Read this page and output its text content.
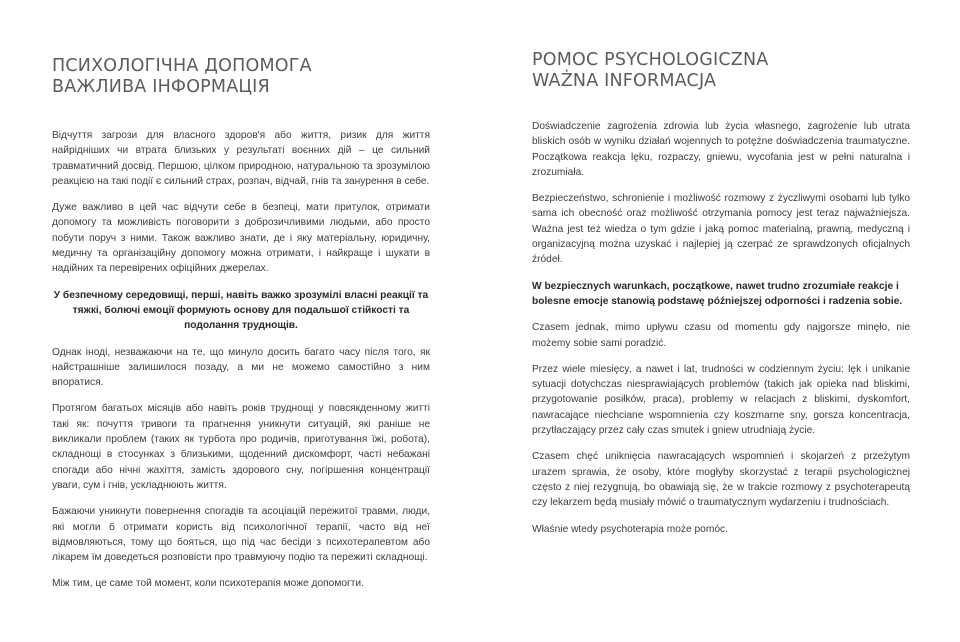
ПСИХОЛОГІЧНА ДОПОМОГА
ВАЖЛИВА ІНФОРМАЦІЯ

Відчуття загрози для власного здоров'я або життя, ризик для життя найрідніших чи втрата близьких у результаті воєнних дій – це сильний травматичний досвід. Першою, цілком природною, натуральною та зрозумілою реакцією на такі події є сильний страх, розпач, відчай, гнів та занурення в себе.

Дуже важливо в цей час відчути себе в безпеці, мати притулок, отримати допомогу та можливість поговорити з доброзичливими людьми, або просто побути поруч з ними. Також важливо знати, де і яку матеріальну, юридичну, медичну та організаційну допомогу можна отримати, і найкраще і шукати в надійних та перевірених офіційних джерелах.

У безпечному середовищі, перші, навіть важко зрозумілі власні реакції та тяжкі, болючі емоції формують основу для подальшої стійкості та подолання труднощів.

Однак іноді, незважаючи на те, що минуло досить багато часу після того, як найстрашніше залишилося позаду, а ми не можемо самостійно з ним впоратися.

Протягом багатьох місяців або навіть років труднощі у повсякденному житті такі як: почуття тривоги та прагнення уникнути ситуацій, які раніше не викликали проблем (таких як турбота про родичів, приготування їжі, робота), складнощі в стосунках з близькими, щоденний дискомфорт, часті небажані спогади або нічні жахіття, замість здорового сну, погіршення концентрації уваги, сум і гнів, ускладнюють життя.

Бажаючи уникнути повернення спогадів та асоціацій пережитої травми, люди, які могли б отримати користь від психологічної терапії, часто від неї відмовляються, тому що бояться, що під час бесіди з психотерапевтом або лікарем їм доведеться розповісти про травмуючу подію та пережиті складнощі.

Між тим, це саме той момент, коли психотерапія може допомогти.

POMOC PSYCHOLOGICZNA
WAŻNA INFORMACJA

Doświadczenie zagrożenia zdrowia lub życia własnego, zagrożenie lub utrata bliskich osób w wyniku działań wojennych to potężne doświadczenia traumatyczne. Początkowa reakcja lęku, rozpaczy, gniewu, wycofania jest w pełni naturalna i zrozumiała.

Bezpieczeństwo, schronienie i możliwość rozmowy z życzliwymi osobami lub tylko sama ich obecność oraz możliwość otrzymania pomocy jest teraz najważniejsza. Ważna jest też wiedza o tym gdzie i jaką pomoc materialną, prawną, medyczną i organizacyjną można uzyskać i najlepiej ją czerpać ze sprawdzonych oficjalnych źródeł.

W bezpiecznych warunkach, początkowe, nawet trudno zrozumiałe reakcje i bolesne emocje stanowią podstawę późniejszej odporności i radzenia sobie.

Czasem jednak, mimo upływu czasu od momentu gdy najgorsze minęło, nie możemy sobie sami poradzić.

Przez wiele miesięcy, a nawet i lat, trudności w codziennym życiu: lęk i unikanie sytuacji dotychczas niesprawiających problemów (takich jak opieka nad bliskimi, przygotowanie posiłków, praca), problemy w relacjach z bliskimi, dyskomfort, nawracające niechciane wspomnienia czy koszmarne sny, gorsza koncentracja, przytłaczający przez cały czas smutek i gniew utrudniają życie.

Czasem chęć uniknięcia nawracających wspomnień i skojarzeń z przeżytym urazem sprawia, że osoby, które mogłyby skorzystać z terapii psychologicznej często z niej rezygnują, bo obawiają się, że w trakcie rozmowy z psychoterapeutą czy lekarzem będą musiały mówić o traumatycznym wydarzeniu i trudnościach.

Właśnie wtedy psychoterapia może pomóc.
